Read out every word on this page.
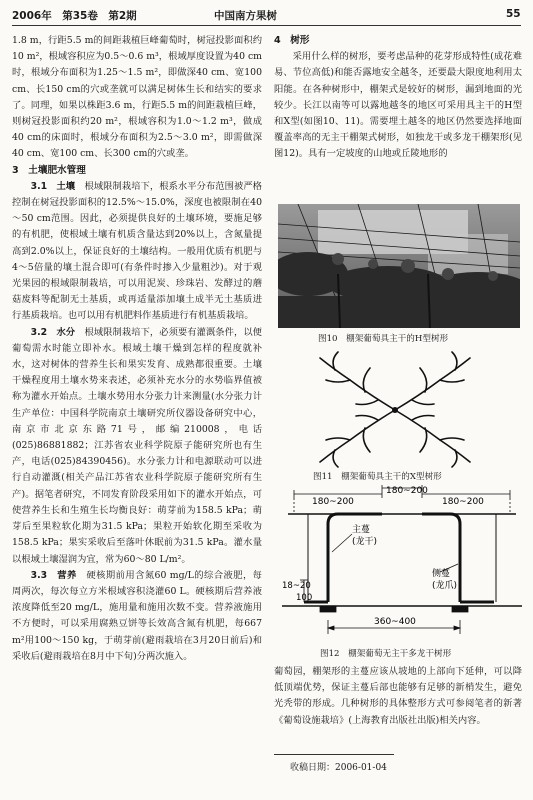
2006年　第35卷　第2期	中国南方果树	55

1.8 m，行距5.5 m的间距栽植巨峰葡萄时，树冠投影面积约10 m²，根域容积应为0.5～0.6 m³，根域厚度设置为40 cm时，根域分布面积为1.25～1.5 m²，即做深40 cm、宽100 cm、长150 cm的穴或垄就可以满足树体生长和结实的要求了。同理，如果以株距3.6 m，行距5.5 m的间距栽植巨峰，则树冠投影面积约20 m²，根域容积为1.0～1.2 m³，做成40 cm的床面时，根域分布面积为2.5～3.0 m²，即需做深40 cm、宽100 cm、长300 cm的穴或垄。

3　土壤肥水管理

3.1　土壤　 根域限制栽培下，根系水平分布范围被严格控制在树冠投影面积的12.5%～15.0%，深度也被限制在40～50 cm范围。因此，必须提供良好的土壤环境，要施足够的有机肥，使根域土壤有机质含量达到20%以上，含氮量提高到2.0%以上，保证良好的土壤结构。一般用优质有机肥与4～5倍量的壤土混合即可(有条件时掺入少量粗沙)。对于观光果园的根域限制栽培，可以用泥炭、珍珠岩、发酵过的蘑菇废料等配制无土基质，或再适量添加壤土成半无土基质进行基质栽培。也可以用有机肥料作基质进行有机基质栽培。

3.2　水分　 根域限制栽培下，必须要有灌溉条件，以便葡萄需水时能立即补水。根域土壤干燥到怎样的程度就补水，这对树体的营养生长和果实发育、成熟都很重要。土壤干燥程度用土壤水势来表述，必须补充水分的水势临界值被称为灌水开始点。土壤水势用水分张力计来测量(水分张力计生产单位：中国科学院南京土壤研究所仪器设备研究中心，南京市北京东路71号，邮编210008，电话(025)86881882；江苏省农业科学院原子能研究所也有生产，电话(025)84390456)。水分张力计和电源联动可以进行自动灌溉(相关产品江苏省农业科学院原子能研究所有生产)。据笔者研究，不同发育阶段采用如下的灌水开始点，可使营养生长和生殖生长均衡良好：萌芽前为158.5 kPa；萌芽后至果粒软化期为31.5 kPa；果粒开始软化期至采收为158.5 kPa；果实采收后至落叶休眠前为31.5 kPa。灌水量以根域土壤湿润为宜，常为60～80 L/m²。

3.3　营养　 硬核期前用含氮60 mg/L的综合液肥，每周两次，每次每立方米根域容积浇灌60 L。硬核期后营养液浓度降低至20 mg/L，施用量和施用次数不变。营养液施用不方便时，可以采用腐熟豆饼等长效高含氮有机肥，每667 m²用100～150 kg，于萌芽前(避雨栽培在3月20日前后)和采收后(避雨栽培在8月中下旬)分两次施入。

4　树形

采用什么样的树形，要考虑品种的花芽形成特性(成花难易、节位高低)和能否露地安全越冬，还要最大限度地利用太阳能。在各种树形中，棚架式是较好的树形，漏到地面的光较少。长江以南等可以露地越冬的地区可采用具主干的H型和X型(如图10、11)。需要埋土越冬的地区仍然要选择地面覆盖率高的无主干棚架式树形，如独龙干或多龙干棚架形(见图12)。具有一定坡度的山地或丘陵地形的

图10　棚架葡萄具主干的H型树形
图11　棚架葡萄具主干的X型树形
180~200
180~200
180~200
主蔓
(龙干)
侧蔓
(龙爪)
18~20
100
360~400
图12　棚架葡萄无主干多龙干树形

葡萄园，棚架形的主蔓应该从坡地的上部向下延伸，可以降低顶端优势，保证主蔓后部也能够有足够的新梢发生，避免光秃带的形成。几种树形的具体整形方式可参阅笔者的新著《葡萄设施栽培》(上海教育出版社出版)相关内容。

收稿日期：2006-01-04
